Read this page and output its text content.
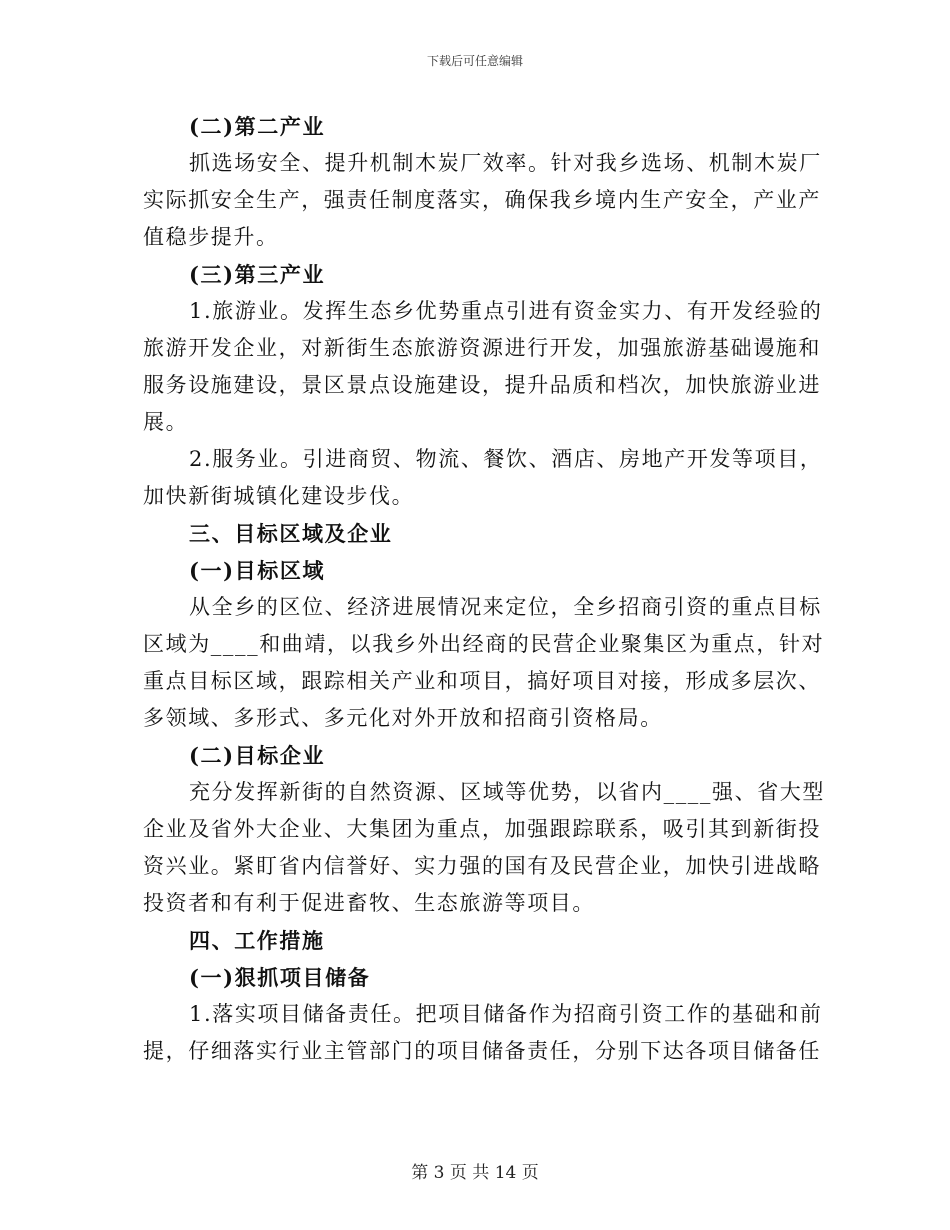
下载后可任意编辑
(二)第二产业
抓选场安全、提升机制木炭厂效率。针对我乡选场、机制木炭厂
实际抓安全生产，强责任制度落实，确保我乡境内生产安全，产业产
值稳步提升。
(三)第三产业
1.旅游业。发挥生态乡优势重点引进有资金实力、有开发经验的
旅游开发企业，对新街生态旅游资源进行开发，加强旅游基础谩施和
服务设施建设，景区景点设施建设，提升品质和档次，加快旅游业进
展。
2.服务业。引进商贸、物流、餐饮、酒店、房地产开发等项目，
加快新街城镇化建设步伐。
三、目标区域及企业
(一)目标区域
从全乡的区位、经济进展情况来定位，全乡招商引资的重点目标
区域为____和曲靖，以我乡外出经商的民营企业聚集区为重点，针对
重点目标区域，跟踪相关产业和项目，搞好项目对接，形成多层次、
多领域、多形式、多元化对外开放和招商引资格局。
(二)目标企业
充分发挥新街的自然资源、区域等优势，以省内____强、省大型
企业及省外大企业、大集团为重点，加强跟踪联系，吸引其到新街投
资兴业。紧盯省内信誉好、实力强的国有及民营企业，加快引进战略
投资者和有利于促进畜牧、生态旅游等项目。
四、工作措施
(一)狠抓项目储备
1.落实项目储备责任。把项目储备作为招商引资工作的基础和前
提，仔细落实行业主管部门的项目储备责任，分别下达各项目储备任
第 3 页 共 14 页
